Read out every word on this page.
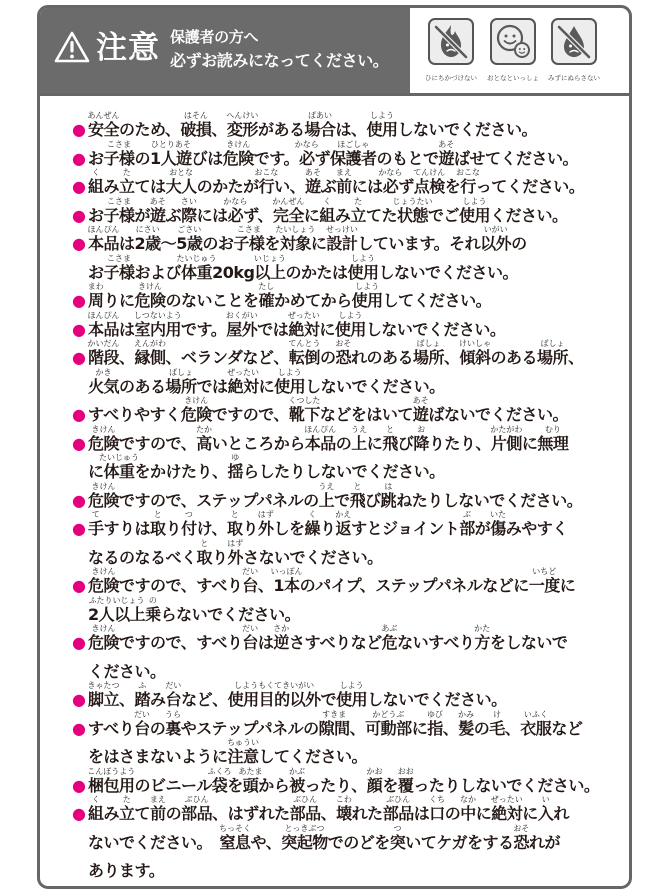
注意 保護者の方へ
必ずお読みになってください。
ひにちかづけない	おとなといっしょ	みずにぬらさない
● 安全
あんぜん
のため、破損
はそん
、変形
へんけい
がある場合
ばあい
は、使用
しよう
しないでください。
● お子様
こさま
の1人遊
ひとりあそ
びは危険
きけん
です。必
かなら
ず保護者
ほごしゃ
のもとで遊
あそ
ばせてください。
● 組
く
み立
た
ては大人
おとな
のかたが行
おこな
い、遊
あそ
ぶ前
まえ
には必
かなら
ず点検
てんけん
を行
おこな
ってください。
● お子様
こさま
が遊
あそ
ぶ際
さい
には必
かなら
ず、完全
かんぜん
に組
く
み立
た
てた状態
じょうたい
でご使用
しよう
ください。
● 本品
ほんぴん
は2歳
にさい
～5歳
ごさい
のお子様
こさま
を対象
たいしょう
に設計
せっけい
しています。それ以外
いがい
の
お子様
こさま
および体重
たいじゅう
20kg以上
いじょう
のかたは使用
しよう
しないでください。
● 周
まわ
りに危険
きけん
のないことを確
たし
かめてから使用
しよう
してください。
● 本品
ほんぴん
は室内用
しつないよう
です。屋外
おくがい
では絶対
ぜったい
に使用
しよう
しないでください。
● 階段
かいだん
、縁側
えんがわ
、ベランダなど、転倒
てんとう
の恐
おそ
れのある場所
ばしょ
、傾斜
けいしゃ
のある場所
ばしょ
、
火気
かき
のある場所
ばしょ
では絶対
ぜったい
に使用
しよう
しないでください。
● すべりやすく危険
きけん
ですので、靴下
くつした
などをはいて遊
あそ
ばないでください。
● 危険
きけん
ですので、高
たか
いところから本品
ほんぴん
の上
うえ
に飛
と
び降
お
りたり、片側
かたがわ
に無理
むり
に体重
たいじゅう
をかけたり、揺
ゆ
らしたりしないでください。
● 危険
きけん
ですので、ステップパネルの上
うえ
で飛
と
び跳
は
ねたりしないでください。
● 手
て
すりは取
と
り付
つ
け、取
と
り外
はず
しを繰
く
り返
かえ
すとジョイント部
ぶ
が傷
いた
みやすく
なるのなるべく取
と
り外
はず
さないでください。
● 危険
きけん
ですので、すべり台
だい
、1本
いっぽん
のパイプ、ステップパネルなどに一度
いちど
に
2人以上
ふたりいじょう
乗
の
らないでください。
● 危険
きけん
ですので、すべり台
だい
は逆
さか
さすべりなど危
あぶ
ないすべり方
かた
をしないで
ください。
● 脚立
きゃたつ
、踏
ふ
み台
だい
など、使用目的以外
しようもくてきいがい
で使用
しよう
しないでください。
● すべり台
だい
の裏
うら
やステップパネルの隙間
すきま
、可動部
かどうぶ
に指
ゆび
、髪
かみ
の毛
け
、衣服
いふく
など
をはさまないように注意
ちゅうい
してください。
● 梱包用
こんぽうよう
のビニール袋
ふくろ
を頭
あたま
から被
かぶ
ったり、顔
かお
を覆
おお
ったりしないでください。
● 組
く
み立
た
て前
まえ
の部品
ぶひん
、はずれた部品
ぶひん
、壊
こわ
れた部品
ぶひん
は口
くち
の中
なか
に絶対
ぜったい
に入
い
れ
ないでください。　窒息
ちっそく
や、突起物
とっきぶつ
でのどを突
つ
いてケガをする恐
おそ
れが
あります。
